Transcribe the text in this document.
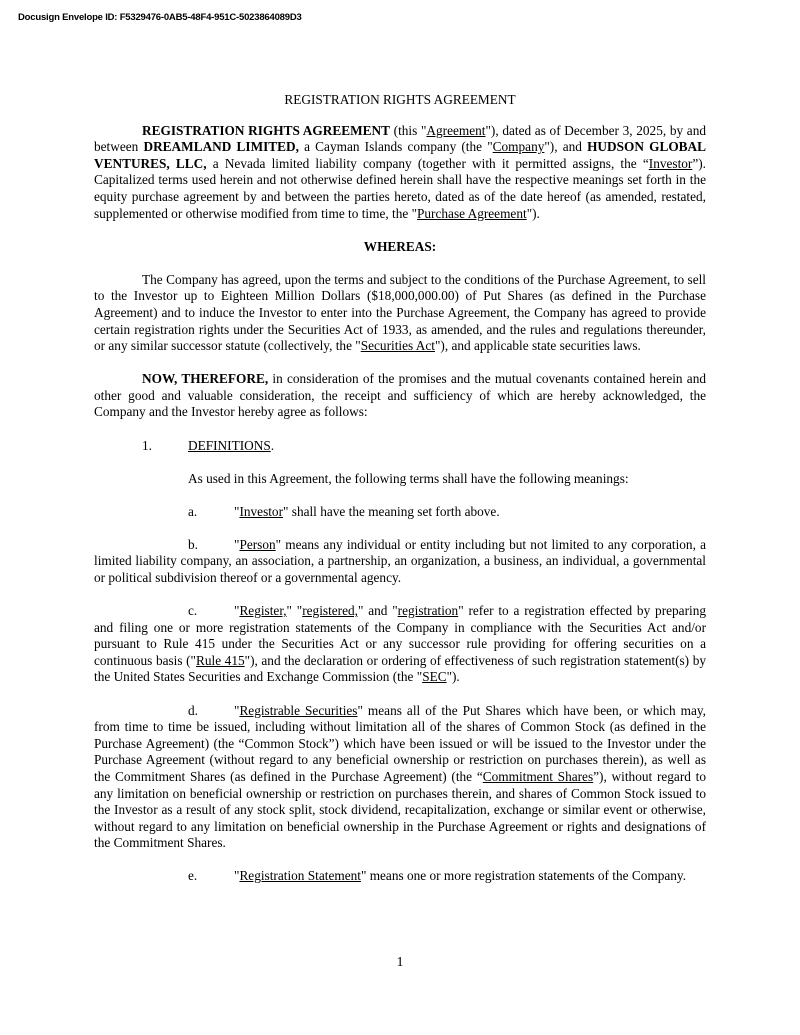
Docusign Envelope ID: F5329476-0AB5-48F4-951C-5023864089D3
REGISTRATION RIGHTS AGREEMENT

REGISTRATION RIGHTS AGREEMENT (this "Agreement"), dated as of December 3, 2025, by and between DREAMLAND LIMITED, a Cayman Islands company (the "Company"), and HUDSON GLOBAL VENTURES, LLC, a Nevada limited liability company (together with it permitted assigns, the “Investor”). Capitalized terms used herein and not otherwise defined herein shall have the respective meanings set forth in the equity purchase agreement by and between the parties hereto, dated as of the date hereof (as amended, restated, supplemented or otherwise modified from time to time, the "Purchase Agreement").

WHEREAS:

The Company has agreed, upon the terms and subject to the conditions of the Purchase Agreement, to sell to the Investor up to Eighteen Million Dollars ($18,000,000.00) of Put Shares (as defined in the Purchase Agreement) and to induce the Investor to enter into the Purchase Agreement, the Company has agreed to provide certain registration rights under the Securities Act of 1933, as amended, and the rules and regulations thereunder, or any similar successor statute (collectively, the "Securities Act"), and applicable state securities laws.

NOW, THEREFORE, in consideration of the promises and the mutual covenants contained herein and other good and valuable consideration, the receipt and sufficiency of which are hereby acknowledged, the Company and the Investor hereby agree as follows:

1.	DEFINITIONS.
As used in this Agreement, the following terms shall have the following meanings:

a.	"Investor" shall have the meaning set forth above.

b.	"Person" means any individual or entity including but not limited to any corporation, a limited liability company, an association, a partnership, an organization, a business, an individual, a governmental or political subdivision thereof or a governmental agency.

c.	"Register," "registered," and "registration" refer to a registration effected by preparing and filing one or more registration statements of the Company in compliance with the Securities Act and/or pursuant to Rule 415 under the Securities Act or any successor rule providing for offering securities on a continuous basis ("Rule 415"), and the declaration or ordering of effectiveness of such registration statement(s) by the United States Securities and Exchange Commission (the "SEC").

d.	"Registrable Securities" means all of the Put Shares which have been, or which may, from time to time be issued, including without limitation all of the shares of Common Stock (as defined in the Purchase Agreement) (the “Common Stock”) which have been issued or will be issued to the Investor under the Purchase Agreement (without regard to any beneficial ownership or restriction on purchases therein), as well as the Commitment Shares (as defined in the Purchase Agreement) (the “Commitment Shares”), without regard to any limitation on beneficial ownership or restriction on purchases therein, and shares of Common Stock issued to the Investor as a result of any stock split, stock dividend, recapitalization, exchange or similar event or otherwise, without regard to any limitation on beneficial ownership in the Purchase Agreement or rights and designations of the Commitment Shares.

e.	"Registration Statement" means one or more registration statements of the Company.

1
